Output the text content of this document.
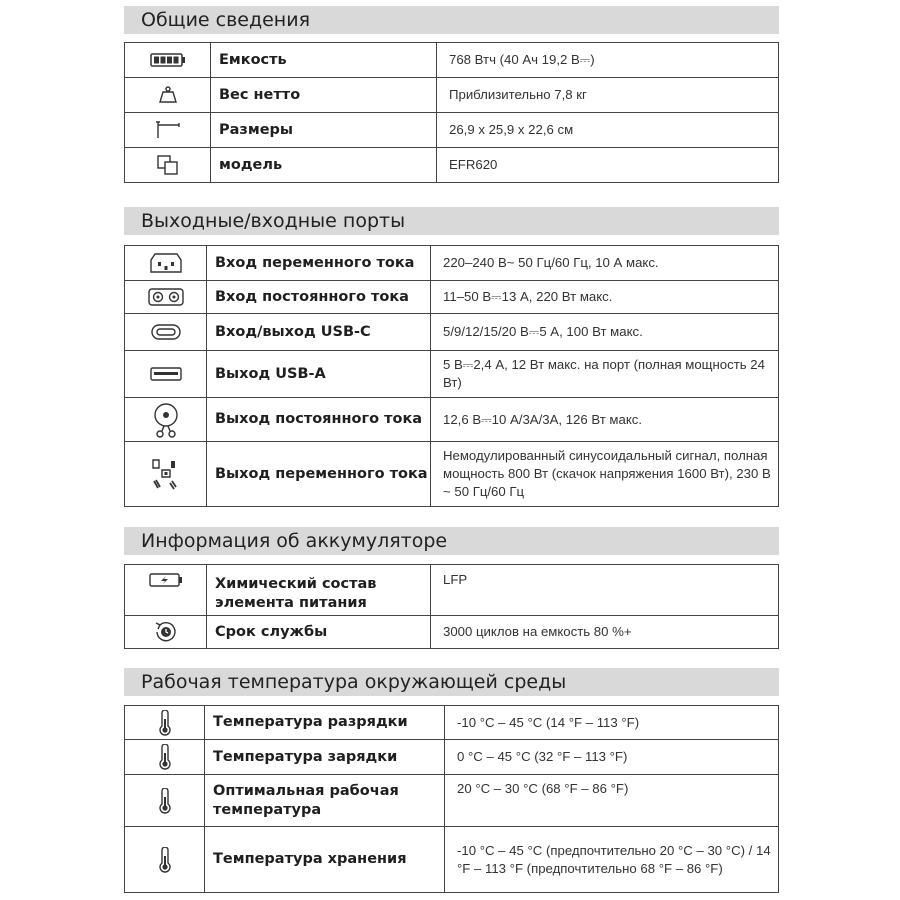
Общие сведения
	Емкость	768 Втч (40 Ач 19,2 В⎓)

	Вес нетто	Приблизительно 7,8 кг

	Размеры	26,9 x 25,9 x 22,6 см

	модель	EFR620
Выходные/входные порты
	Вход переменного тока	220–240 В~ 50 Гц/60 Гц, 10 А макс.

	Вход постоянного тока	11–50 В⎓13 А, 220 Вт макс.

	Вход/выход USB-C	5/9/12/15/20 В⎓5 А, 100 Вт макс.

	Выход USB-A	5 В⎓2,4 А, 12 Вт макс. на порт (полная мощность 24 Вт)

	Выход постоянного тока	12,6 В⎓10 А/3А/3А, 126 Вт макс.

	Выход переменного тока	Немодулированный синусоидальный сигнал, полная мощность 800 Вт (скачок напряжения 1600 Вт), 230 В ~ 50 Гц/60 Гц
Информация об аккумуляторе
	Химический состав элемента питания	LFP

	Срок службы	3000 циклов на емкость 80 %+
Рабочая температура окружающей среды
	Температура разрядки	-10 °C – 45 °C (14 °F – 113 °F)

	Температура зарядки	0 °C – 45 °C (32 °F – 113 °F)

	Оптимальная рабочая температура	20 °C – 30 °C (68 °F – 86 °F)

	Температура хранения	-10 °C – 45 °C (предпочтительно 20 °C – 30 °C) / 14 °F – 113 °F (предпочтительно 68 °F – 86 °F)
